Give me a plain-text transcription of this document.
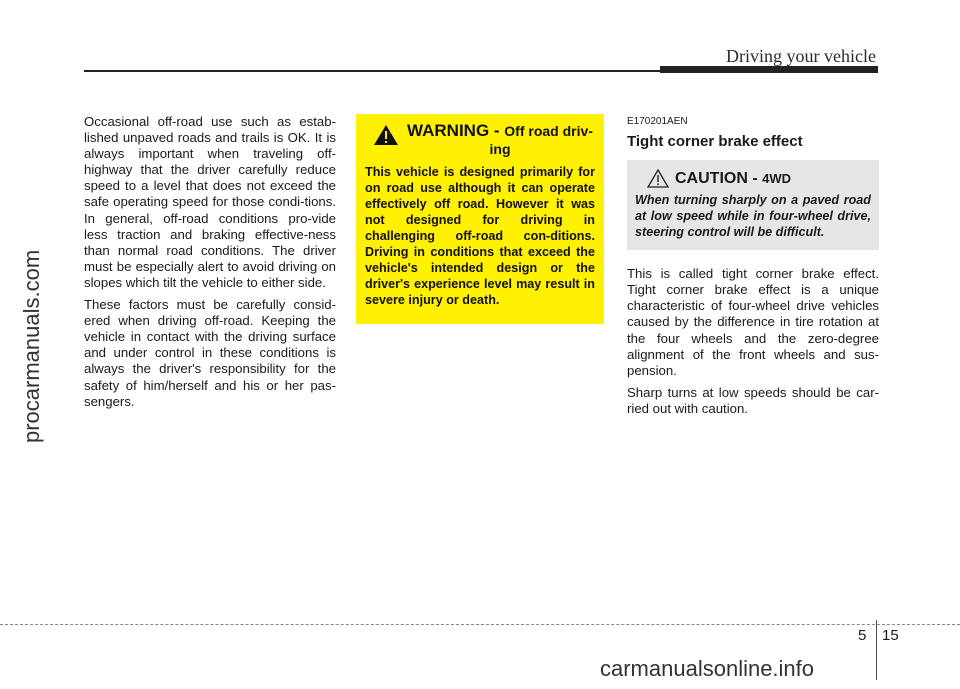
Driving your vehicle
procarmanuals.com

Occasional off-road use such as estab-lished unpaved roads and trails is OK. It is always important when traveling off-highway that the driver carefully reduce speed to a level that does not exceed the safe operating speed for those condi-tions. In general, off-road conditions pro-vide less traction and braking effective-ness than normal road conditions. The driver must be especially alert to avoid driving on slopes which tilt the vehicle to either side.

These factors must be carefully consid-ered when driving off-road. Keeping the vehicle in contact with the driving surface and under control in these conditions is always the driver's responsibility for the safety of him/herself and his or her pas-sengers.

WARNING - Off road driv-ing
This vehicle is designed primarily for on road use although it can operate effectively off road. However it was not designed for driving in challenging off-road con-ditions. Driving in conditions that exceed the vehicle's intended design or the driver's experience level may result in severe injury or death.
E170201AEN
Tight corner brake effect
CAUTION - 4WD
When turning sharply on a paved road at low speed while in four-wheel drive, steering control will be difficult.

This is called tight corner brake effect. Tight corner brake effect is a unique characteristic of four-wheel drive vehicles caused by the difference in tire rotation at the four wheels and the zero-degree alignment of the front wheels and sus-pension.

Sharp turns at low speeds should be car-ried out with caution.

5 15
carmanualsonline.info
